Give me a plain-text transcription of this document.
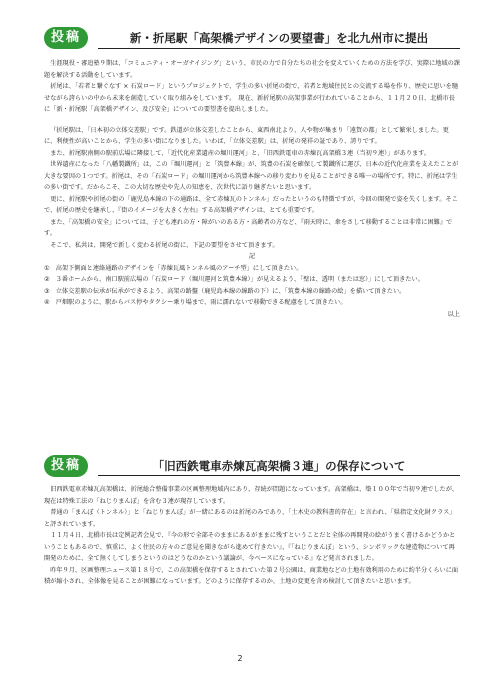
投稿	新・折尾駅「高架橋デザインの要望書」を北九州市に提出

生涯現役・審追塾９期は、「コミュニティ・オーガナイジング」という、市民の力で自分たちの社会を変えていくための方法を学び、実際に地域の課題を解決する活動をしています。

折尾は、「若者と繋ぐなす × 石炭ロード」というプロジェクトで、学生の多い折尾の街で、若者と地域住民との交流する場を作り、歴史に思いを馳せながら誇らいの中から未来を創造していく取り組みをしています。　現在、新折尾駅の高架事業が行われていることから、１１月２０日、北橋市長に「新・折尾駅「高架橋デザイン、及び安全」についての要望書を提出しました。

『折尾駅は、「日本初の立体交差駅」です。鉄道が立体交差したことから、東西南北より、人や物が集まり「遠賀の都」として繁栄しました。更に、利便性が高いことから、学生の多い街になりました。いわば、「立体交差駅」は、折尾の発祥の証であり、誇りです。

また、折尾駅南側の駅前広場に隣接して、「近代化産業遺産の堀川運河」と、「旧西鉄電車の赤煉瓦高架橋３連（当初９連）」があります。

世界遺産になった「八幡製鐵所」は、この「堀川運河」と「筑豊本線」が、筑豊の石炭を確保して製鐵所に運び、日本の近代化産業を支えたことが大きな要因の１つです。折尾は、その「石炭ロード」の堀川運河から筑豊本線への移り変わりを見ることができる唯一の場所です。特に、折尾は学生の多い街です。だからこそ、この大切な歴史や先人の知恵を、次世代に語り継ぎたいと思います。

更に、折尾駅や折尾の街の「鹿児島本線の下の通路は、全て赤煉瓦のトンネル」だったというのも特徴ですが、今回の開発で姿を失くします。そこで、折尾の歴史を継承し、『街のイメージを大きく左右』する高架橋デザインは、とても重要です。

また、「高架橋の安全」については、子ども連れの方・障がいのある方・高齢者の方など、『雨天時に、傘をさして移動することは非常に困難』です。

そこで、私共は、開発で新しく変わる折尾の街に、下記の要望をさせて頂きます。

記

①　高架下側面と連絡通路のデザインを「赤煉瓦風トンネル風のアーチ型」にして頂きたい。

②　３番ホームから、南口駅前広場の「石炭ロード（堀川運河と筑豊本線）」が見えるよう、「壁は、透明（または窓）」にして頂きたい。

③　立体交差駅の伝承が伝承ができるよう、高架の路盤（鹿児島本線の線路の下）に、「筑豊本線の線路の絵」を描いて頂きたい。

④　戸畑駅のように、駅からバス停やタクシー乗り場まで、雨に濡れないで移動できる配慮をして頂きたい。

以上

投稿	「旧西鉄電車赤煉瓦高架橋３連」の保存について

旧西鉄電車赤煉瓦高架橋は、折尾総合整備事業の区画整理地域内にあり、存続が問題になっています。高架橋は、築１００年で当初９連でしたが、現在は特殊工法の「ねじりまんぽ」を含む３連が現存しています。

普通の「まんぽ（トンネル）」と「ねじりまんぽ」が一緒にあるのは折尾のみであり、「土木史の教科書的存在」と言われ、「県指定文化財クラス」と評されています。

１１月４日、北橋市長は定例記者会見で、『今の形で全部そのままにあるがままに残すということだと全体の再開発の絵がうまく書けるかどうかということもあるので、慎重に、よく住民の方々のご意見を聞きながら進めて行きたい』、『「ねじりまんぽ」という、シンボリックな建造物について再開発のために、全て無くしてしまうというのはどうなのかという議論が、今ベースになっている』など発言されました。

昨年９月、区画整理ニュース第１８号で、この高架橋を保存するとされていた第２号公園は、商業地などの土地有効利用のために約半分くらいに面積が縮小され、全体像を見ることが困難になっています。どのように保存するのか、土地の変更を含め検討して頂きたいと思います。

2
